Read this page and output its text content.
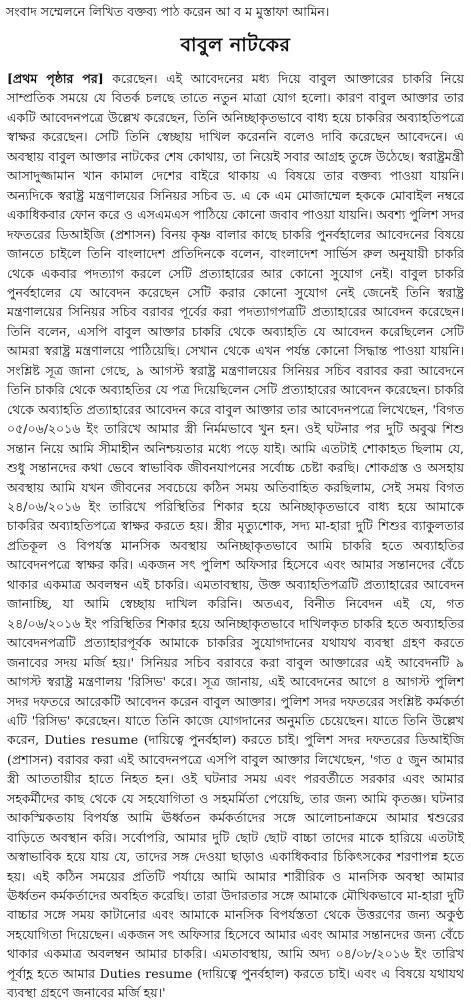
সংবাদ সম্মেলনে লিখিত বক্তব্য পাঠ করেন আ ব ম মুস্তাফা আমিন।
বাবুল নাটকের
[প্রথম পৃষ্ঠার পর] করেছেন। এই আবেদনের মধ্য দিয়ে বাবুল আক্তারের চাকরি নিয়ে সাম্প্রতিক সময়ে যে বিতর্ক চলছে তাতে নতুন মাত্রা যোগ হলো। কারণ বাবুল আক্তার তার একটি আবেদনপত্রে উল্লেখ করেছেন, তিনি অনিচ্ছাকৃতভাবে বাধ্য হয়ে চাকরির অব্যাহতিপত্রে স্বাক্ষর করেছেন। সেটি তিনি স্বেচ্ছায় দাখিল করেননি বলেও দাবি করেছেন আবেদনে। এ অবস্থায় বাবুল আক্তার নাটকের শেষ কোথায়, তা নিয়েই সবার আগ্রহ তুঙ্গে উঠেছে। স্বরাষ্ট্রমন্ত্রী আসাদুজ্জামান খান কামাল দেশের বাইরে থাকায় এ বিষয়ে তার বক্তব্য পাওয়া যায়নি। অন্যদিকে স্বরাষ্ট্র মন্ত্রণালয়ের সিনিয়র সচিব ড. এ কে এম মোজাম্মেল হককে মোবাইল নম্বরে একাধিকবার ফোন করে ও এসএমএস পাঠিয়ে কোনো জবাব পাওয়া যায়নি। অবশ্য পুলিশ সদর দফতরের ডিআইজি (প্রশাসন) বিনয় কৃষ্ণ বালার কাছে চাকরি পুনর্বহালের আবেদনের বিষয়ে জানতে চাইলে তিনি বাংলাদেশ প্রতিদিনকে বলেন, বাংলাদেশ সার্ভিস রুল অনুযায়ী চাকরি থেকে একবার পদত্যাগ করলে সেটি প্রত্যাহারের আর কোনো সুযোগ নেই। বাবুল চাকরি পুনর্বহালের যে আবেদন করেছেন সেটি করার কোনো সুযোগ নেই জেনেই তিনি স্বরাষ্ট্র মন্ত্রণালয়ের সিনিয়র সচিব বরাবর পূর্বের করা পদত্যাগপত্রটি প্রত্যাহারের আবেদন করেছেন। তিনি বলেন, এসপি বাবুল আক্তার চাকরি থেকে অব্যাহতি যে আবেদন করেছিলেন সেটি আমরা স্বরাষ্ট্র মন্ত্রণালয়ে পাঠিয়েছি। সেখান থেকে এখন পর্যন্ত কোনো সিদ্ধান্ত পাওয়া যায়নি। সংশ্লিষ্ট সূত্র জানা গেছে, ৯ আগস্ট স্বরাষ্ট্র মন্ত্রণালয়ের সিনিয়র সচিব বরাবর করা আবেদনে তিনি চাকরি থেকে অব্যাহতির যে পত্র দিয়েছিলেন সেটি প্রত্যাহারের আবেদন করেছেন। চাকরি থেকে অব্যাহতি প্রত্যাহারের আবেদন করে বাবুল আক্তার তার আবেদনপত্রে লিখেছেন, 'বিগত ০৫/০৬/২০১৬ ইং তারিখে আমার স্ত্রী নির্মমভাবে খুন হন। ওই ঘটনার পর দুটি অবুঝ শিশু সন্তান নিয়ে আমি সীমাহীন অনিশ্চয়তার মধ্যে পড়ে যাই। আমি এতটাই শোকাহত ছিলাম যে, শুধু সন্তানদের কথা ভেবে স্বাভাবিক জীবনযাপনের সর্বোচ্চ চেষ্টা করছি। শোকগ্রস্ত ও অসহায় অবস্থায় আমি যখন জীবনের সবচেয়ে কঠিন সময় অতিবাহিত করছিলাম, সেই সময় বিগত ২৪/০৬/২০১৬ ইং তারিখে পরিস্থিতির শিকার হয়ে অনিচ্ছাকৃতভাবে বাধ্য হয়ে আমাকে চাকরির অব্যাহতিপত্রে স্বাক্ষর করতে হয়। স্ত্রীর মৃত্যুশোক, সদ্য মা-হারা দুটি শিশুর ব্যাকুলতার প্রতিকূল ও বিপর্যস্ত মানসিক অবস্থায় অনিচ্ছাকৃতভাবে আমি চাকরি হতে অব্যাহতির আবেদনপত্রে স্বাক্ষর করি। একজন সৎ পুলিশ অফিসার হিসেবে এবং আমার সন্তানদের বেঁচে থাকার একমাত্র অবলম্বন এই চাকরি। এমতাবস্থায়, উক্ত অব্যাহতিপত্রটি প্রত্যাহারের আবেদন জানাচ্ছি, যা আমি স্বেচ্ছায় দাখিল করিনি। অতএব, বিনীত নিবেদন এই যে, গত ২৪/০৬/২০১৬ ইং পরিস্থিতির শিকার হয়ে অনিচ্ছাকৃতভাবে দাখিলকৃত চাকরি হতে অব্যাহতির আবেদনপত্রটি প্রত্যাহারপূর্বক আমাকে চাকরির সুযোগদানের যথাযথ ব্যবস্থা গ্রহণ করতে জনাবের সদয় মর্জি হয়।' সিনিয়র সচিব বরাবরে করা বাবুল আক্তারের এই আবেদনটি ৯ আগস্ট স্বরাষ্ট্র মন্ত্রণালয় 'রিসিভ' করে। সূত্র জানায়, এই আবেদনের আগে ৪ আগস্ট পুলিশ সদর দফতরে আরেকটি আবেদন করেন বাবুল আক্তার। পুলিশ সদর দফতরের সংশ্লিষ্ট কর্মকর্তা এটি 'রিসিভ' করেছেন। যাতে তিনি কাজে যোগদানের অনুমতি চেয়েছেন। যাতে তিনি উল্লেখ করেন, Duties resume (দায়িত্বে পুনর্বহাল) করতে চাই। পুলিশ সদর দফতরের ডিআইজি (প্রশাসন) বরাবর করা এই আবেদনপত্রে এসপি বাবুল আক্তার লিখেছেন, 'গত ৫ জুন আমার স্ত্রী আততায়ীর হাতে নিহত হন। ওই ঘটনার সময় এবং পরবর্তীতে সরকার এবং আমার সহকর্মীদের কাছ থেকে যে সহযোগিতা ও সহমর্মিতা পেয়েছি, তার জন্য আমি কৃতজ্ঞ। ঘটনার আকস্মিকতায় বিপর্যস্ত আমি ঊর্ধ্বতন কর্মকর্তাদের সঙ্গে আলোচনাক্রমে আমার শ্বশুরের বাড়িতে অবস্থান করি। সর্বোপরি, আমার দুটি ছোট ছোট বাচ্চা তাদের মাকে হারিয়ে এতটাই অস্বাভাবিক হয়ে যায় যে, তাদের সঙ্গ দেওয়া ছাড়াও একাধিকবার চিকিৎসকের শরণাপন্ন হতে হয়। এই কঠিন সময়ের প্রতিটি পর্যায়ে আমি আমার শারীরিক ও মানসিক অবস্থা আমার ঊর্ধ্বতন কর্মকর্তাদের অবহিত করেছি। তারা উদারতার সঙ্গে আমাকে মৌখিকভাবে মা-হারা দুটি বাচ্চার সঙ্গে সময় কাটানোর এবং আমাকে মানসিক বিপর্যস্ততা থেকে উত্তরণের জন্য অকুণ্ঠ সহযোগিতা দিয়েছেন। একজন সৎ অফিসার হিসেবে আমার এবং আমার সন্তানদের জন্য বেঁচে থাকার একমাত্র অবলম্বন আমার চাকরি। এমতাবস্থায়, আমি অদ্য ০৪/০৮/২০১৬ ইং তারিখ পূর্বাহ্ণ হতে আমার Duties resume (দায়িত্বে পুনর্বহাল) করতে চাই। এবং এ বিষয়ে যথাযথ ব্যবস্থা গ্রহণে জনাবের মর্জি হয়।'
